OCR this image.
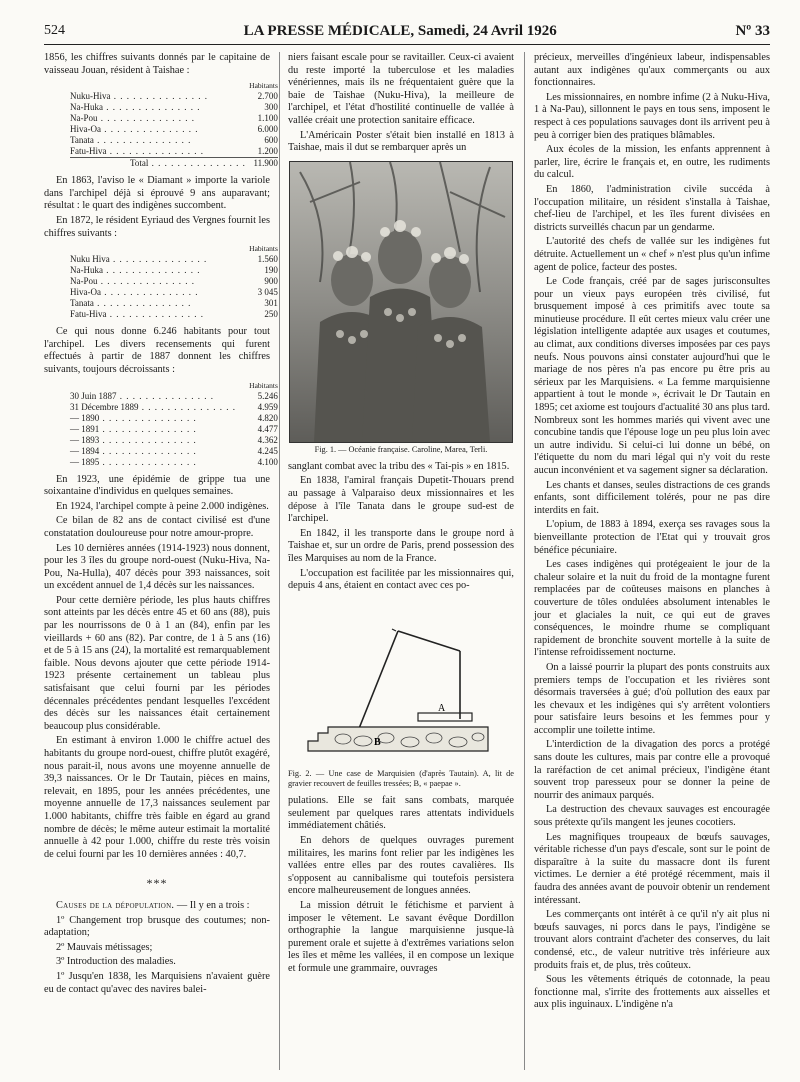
524	LA PRESSE MÉDICALE, Samedi, 24 Avril 1926	Nº 33

1856, les chiffres suivants donnés par le capitaine de vaisseau Jouan, résident à Taishae :

	Habitants
Nuku-Hiva . . .	2.700
Na-Huka . . .	300
Na-Pou . . .	1.100
Hiva-Oa . . .	6.000
Tanata . . .	600
Fatu-Hiva . . .	1.200
Total . . .	11.900

En 1863, l'aviso le « Diamant » importe la variole dans l'archipel déjà si éprouvé 9 ans auparavant; résultat : le quart des indigènes succombent.

En 1872, le résident Eyriaud des Vergnes fournit les chiffres suivants :

	Habitants
Nuku Hiva . . .	1.560
Na-Huka . . .	190
Na-Pou . . .	900
Hiva-Oa . . .	3 045
Tanata . . .	301
Fatu-Hiva . . .	250

Ce qui nous donne 6.246 habitants pour tout l'archipel. Les divers recensements qui furent effectués à partir de 1887 donnent les chiffres suivants, toujours décroissants :

	Habitants
30 Juin 1887 . . .	5.246
31 Décembre 1889 . . .	4.959
— 1890 . . .	4.820
— 1891 . . .	4.477
— 1893 . . .	4.362
— 1894 . . .	4.245
— 1895 . . .	4.100

En 1923, une épidémie de grippe tua une soixantaine d'individus en quelques semaines.

En 1924, l'archipel compte à peine 2.000 indigènes.

Ce bilan de 82 ans de contact civilisé est d'une constatation douloureuse pour notre amour-propre.

Les 10 dernières années (1914-1923) nous donnent, pour les 3 îles du groupe nord-ouest (Nuku-Hiva, Na-Pou, Na-Hulla), 407 décès pour 393 naissances, soit un excédent annuel de 1,4 décès sur les naissances.

Pour cette dernière période, les plus hauts chiffres sont atteints par les décès entre 45 et 60 ans (88), puis par les nourrissons de 0 à 1 an (84), enfin par les vieillards + 60 ans (82). Par contre, de 1 à 5 ans (16) et de 5 à 15 ans (24), la mortalité est remarquablement faible. Nous devons ajouter que cette période 1914-1923 présente certainement un tableau plus satisfaisant que celui fourni par les périodes décennales précédentes pendant lesquelles l'excédent des décès sur les naissances était certainement beaucoup plus considérable.

En estimant à environ 1.000 le chiffre actuel des habitants du groupe nord-ouest, chiffre plutôt exagéré, nous parait-il, nous avons une moyenne annuelle de 39,3 naissances. Or le Dr Tautain, pièces en mains, relevait, en 1895, pour les années précédentes, une moyenne annuelle de 17,3 naissances seulement par 1.000 habitants, chiffre très faible en égard au grand nombre de décès; le même auteur estimait la mortalité annuelle à 42 pour 1.000, chiffre du reste très voisin de celui fourni par les 10 dernières années : 40,7.

***

Causes de la dépopulation. — Il y en a trois :

1º Changement trop brusque des coutumes; non-adaptation;

2º Mauvais métissages;

3º Introduction des maladies.

1º Jusqu'en 1838, les Marquisiens n'avaient guère eu de contact qu'avec des navires balei-

niers faisant escale pour se ravitailler. Ceux-ci avaient du reste importé la tuberculose et les maladies vénériennes, mais ils ne fréquentaient guère que la baie de Taishae (Nuku-Hiva), la meilleure de l'archipel, et l'état d'hostilité continuelle de vallée à vallée créait une protection sanitaire efficace.

L'Américain Poster s'était bien installé en 1813 à Taishae, mais il dut se rembarquer après un

Fig. 1. — Océanie française. Caroline, Marea, Terli.

sanglant combat avec la tribu des « Tai-pis » en 1815.

En 1838, l'amiral français Dupetit-Thouars prend au passage à Valparaiso deux missionnaires et les dépose à l'île Tanata dans le groupe sud-est de l'archipel.

En 1842, il les transporte dans le groupe nord à Taishae et, sur un ordre de Paris, prend possession des îles Marquises au nom de la France.

L'occupation est facilitée par les missionnaires qui, depuis 4 ans, étaient en contact avec ces po-

A
B
Fig. 2. — Une case de Marquisien (d'après Tautain). A, lit de gravier recouvert de feuilles tressées; B, « paepae ».

pulations. Elle se fait sans combats, marquée seulement par quelques rares attentats individuels immédiatement châtiés.

En dehors de quelques ouvrages purement militaires, les marins font relier par les indigènes les vallées entre elles par des routes cavalières. Ils s'opposent au cannibalisme qui toutefois persistera encore malheureusement de longues années.

La mission détruit le fétichisme et parvient à imposer le vêtement. Le savant évêque Dordillon orthographie la langue marquisienne jusque-là purement orale et sujette à d'extrêmes variations selon les îles et même les vallées, il en compose un lexique et formule une grammaire, ouvrages

précieux, merveilles d'ingénieux labeur, indispensables autant aux indigènes qu'aux commerçants ou aux fonctionnaires.

Les missionnaires, en nombre infime (2 à Nuku-Hiva, 1 à Na-Pau), sillonnent le pays en tous sens, imposent le respect à ces populations sauvages dont ils arrivent peu à peu à corriger bien des pratiques blâmables.

Aux écoles de la mission, les enfants apprennent à parler, lire, écrire le français et, en outre, les rudiments du calcul.

En 1860, l'administration civile succéda à l'occupation militaire, un résident s'installa à Taishae, chef-lieu de l'archipel, et les îles furent divisées en districts surveillés chacun par un gendarme.

L'autorité des chefs de vallée sur les indigènes fut détruite. Actuellement un « chef » n'est plus qu'un infime agent de police, facteur des postes.

Le Code français, créé par de sages jurisconsultes pour un vieux pays européen très civilisé, fut brusquement imposé à ces primitifs avec toute sa minutieuse procédure. Il eût certes mieux valu créer une législation intelligente adaptée aux usages et coutumes, au climat, aux conditions diverses imposées par ces pays neufs. Nous pouvons ainsi constater aujourd'hui que le mariage de nos pères n'a pas encore pu être pris au sérieux par les Marquisiens. « La femme marquisienne appartient à tout le monde », écrivait le Dr Tautain en 1895; cet axiome est toujours d'actualité 30 ans plus tard. Nombreux sont les hommes mariés qui vivent avec une concubine tandis que l'épouse loge un peu plus loin avec un autre individu. Si celui-ci lui donne un bébé, on l'étiquette du nom du mari légal qui n'y voit du reste aucun inconvénient et va sagement signer sa déclaration.

Les chants et danses, seules distractions de ces grands enfants, sont difficilement tolérés, pour ne pas dire interdits en fait.

L'opium, de 1883 à 1894, exerça ses ravages sous la bienveillante protection de l'Etat qui y trouvait gros bénéfice pécuniaire.

Les cases indigènes qui protégeaient le jour de la chaleur solaire et la nuit du froid de la montagne furent remplacées par de coûteuses maisons en planches à couverture de tôles ondulées absolument intenables le jour et glaciales la nuit, ce qui eut de graves conséquences, le moindre rhume se compliquant rapidement de bronchite souvent mortelle à la suite de l'intense refroidissement nocturne.

On a laissé pourrir la plupart des ponts construits aux premiers temps de l'occupation et les rivières sont désormais traversées à gué; d'où pollution des eaux par les chevaux et les indigènes qui s'y arrêtent volontiers pour satisfaire leurs besoins et les femmes pour y accomplir une toilette intime.

L'interdiction de la divagation des porcs a protégé sans doute les cultures, mais par contre elle a provoqué la raréfaction de cet animal précieux, l'indigène étant souvent trop paresseux pour se donner la peine de nourrir des animaux parqués.

La destruction des chevaux sauvages est encouragée sous prétexte qu'ils mangent les jeunes cocotiers.

Les magnifiques troupeaux de bœufs sauvages, véritable richesse d'un pays d'escale, sont sur le point de disparaître à la suite du massacre dont ils furent victimes. Le dernier a été protégé récemment, mais il faudra des années avant de pouvoir obtenir un rendement intéressant.

Les commerçants ont intérêt à ce qu'il n'y ait plus ni bœufs sauvages, ni porcs dans le pays, l'indigène se trouvant alors contraint d'acheter des conserves, du lait condensé, etc., de valeur nutritive très inférieure aux produits frais et, de plus, très coûteux.

Sous les vêtements étriqués de cotonnade, la peau fonctionne mal, s'irrite des frottements aux aisselles et aux plis inguinaux. L'indigène n'a
